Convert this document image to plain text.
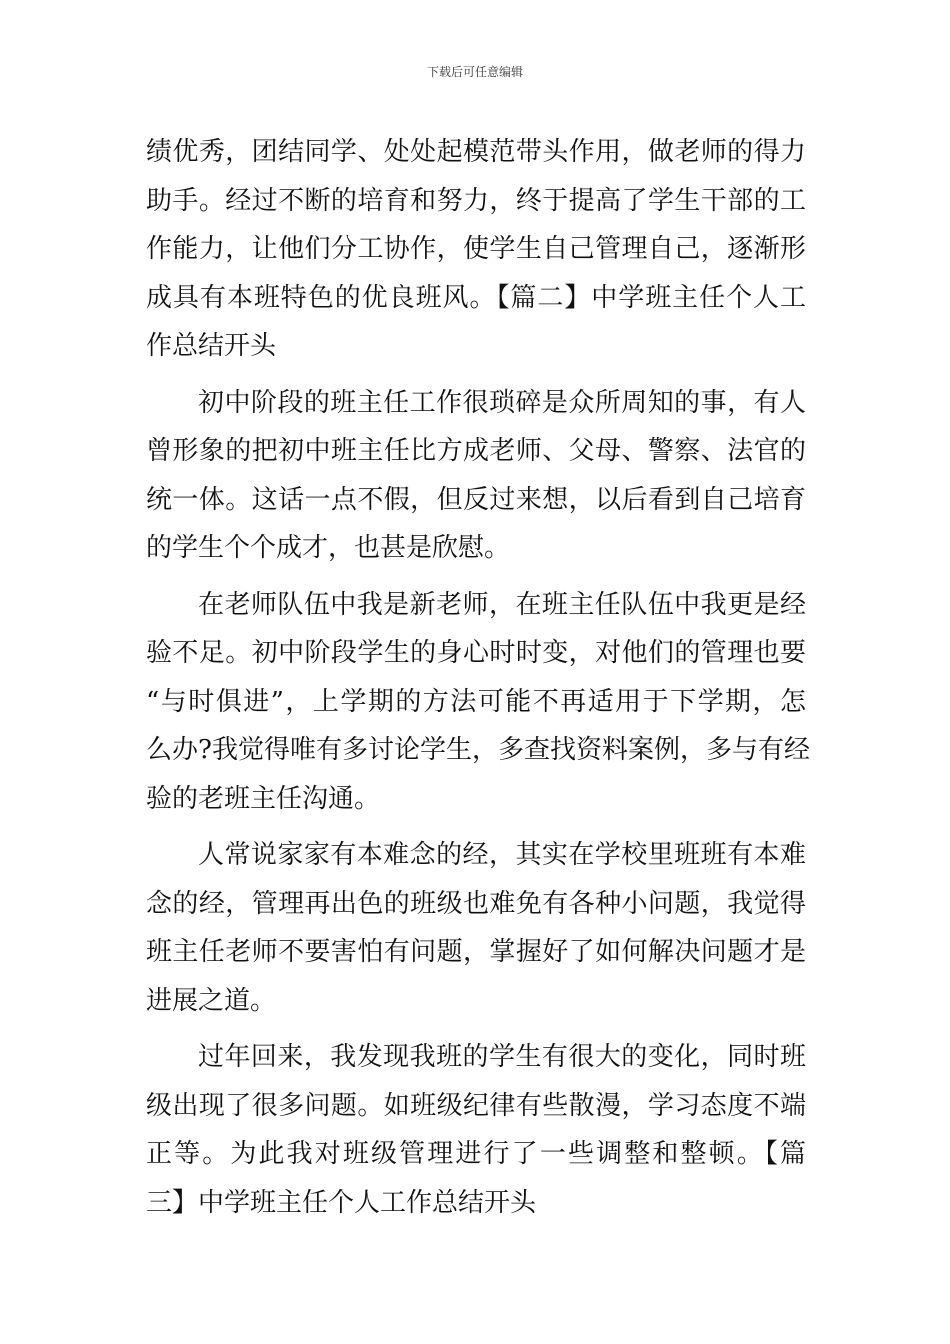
下载后可任意编辑
绩优秀，团结同学、处处起模范带头作用，做老师的得力
助手。经过不断的培育和努力，终于提高了学生干部的工
作能力，让他们分工协作，使学生自己管理自己，逐渐形
成具有本班特色的优良班风。【篇二】中学班主任个人工
作总结开头
初中阶段的班主任工作很琐碎是众所周知的事，有人
曾形象的把初中班主任比方成老师、父母、警察、法官的
统一体。这话一点不假，但反过来想，以后看到自己培育
的学生个个成才，也甚是欣慰。
在老师队伍中我是新老师，在班主任队伍中我更是经
验不足。初中阶段学生的身心时时变，对他们的管理也要
“与时俱进”，上学期的方法可能不再适用于下学期，怎
么办?我觉得唯有多讨论学生，多查找资料案例，多与有经
验的老班主任沟通。
人常说家家有本难念的经，其实在学校里班班有本难
念的经，管理再出色的班级也难免有各种小问题，我觉得
班主任老师不要害怕有问题，掌握好了如何解决问题才是
进展之道。
过年回来，我发现我班的学生有很大的变化，同时班
级出现了很多问题。如班级纪律有些散漫，学习态度不端
正等。为此我对班级管理进行了一些调整和整顿。【篇
三】中学班主任个人工作总结开头
